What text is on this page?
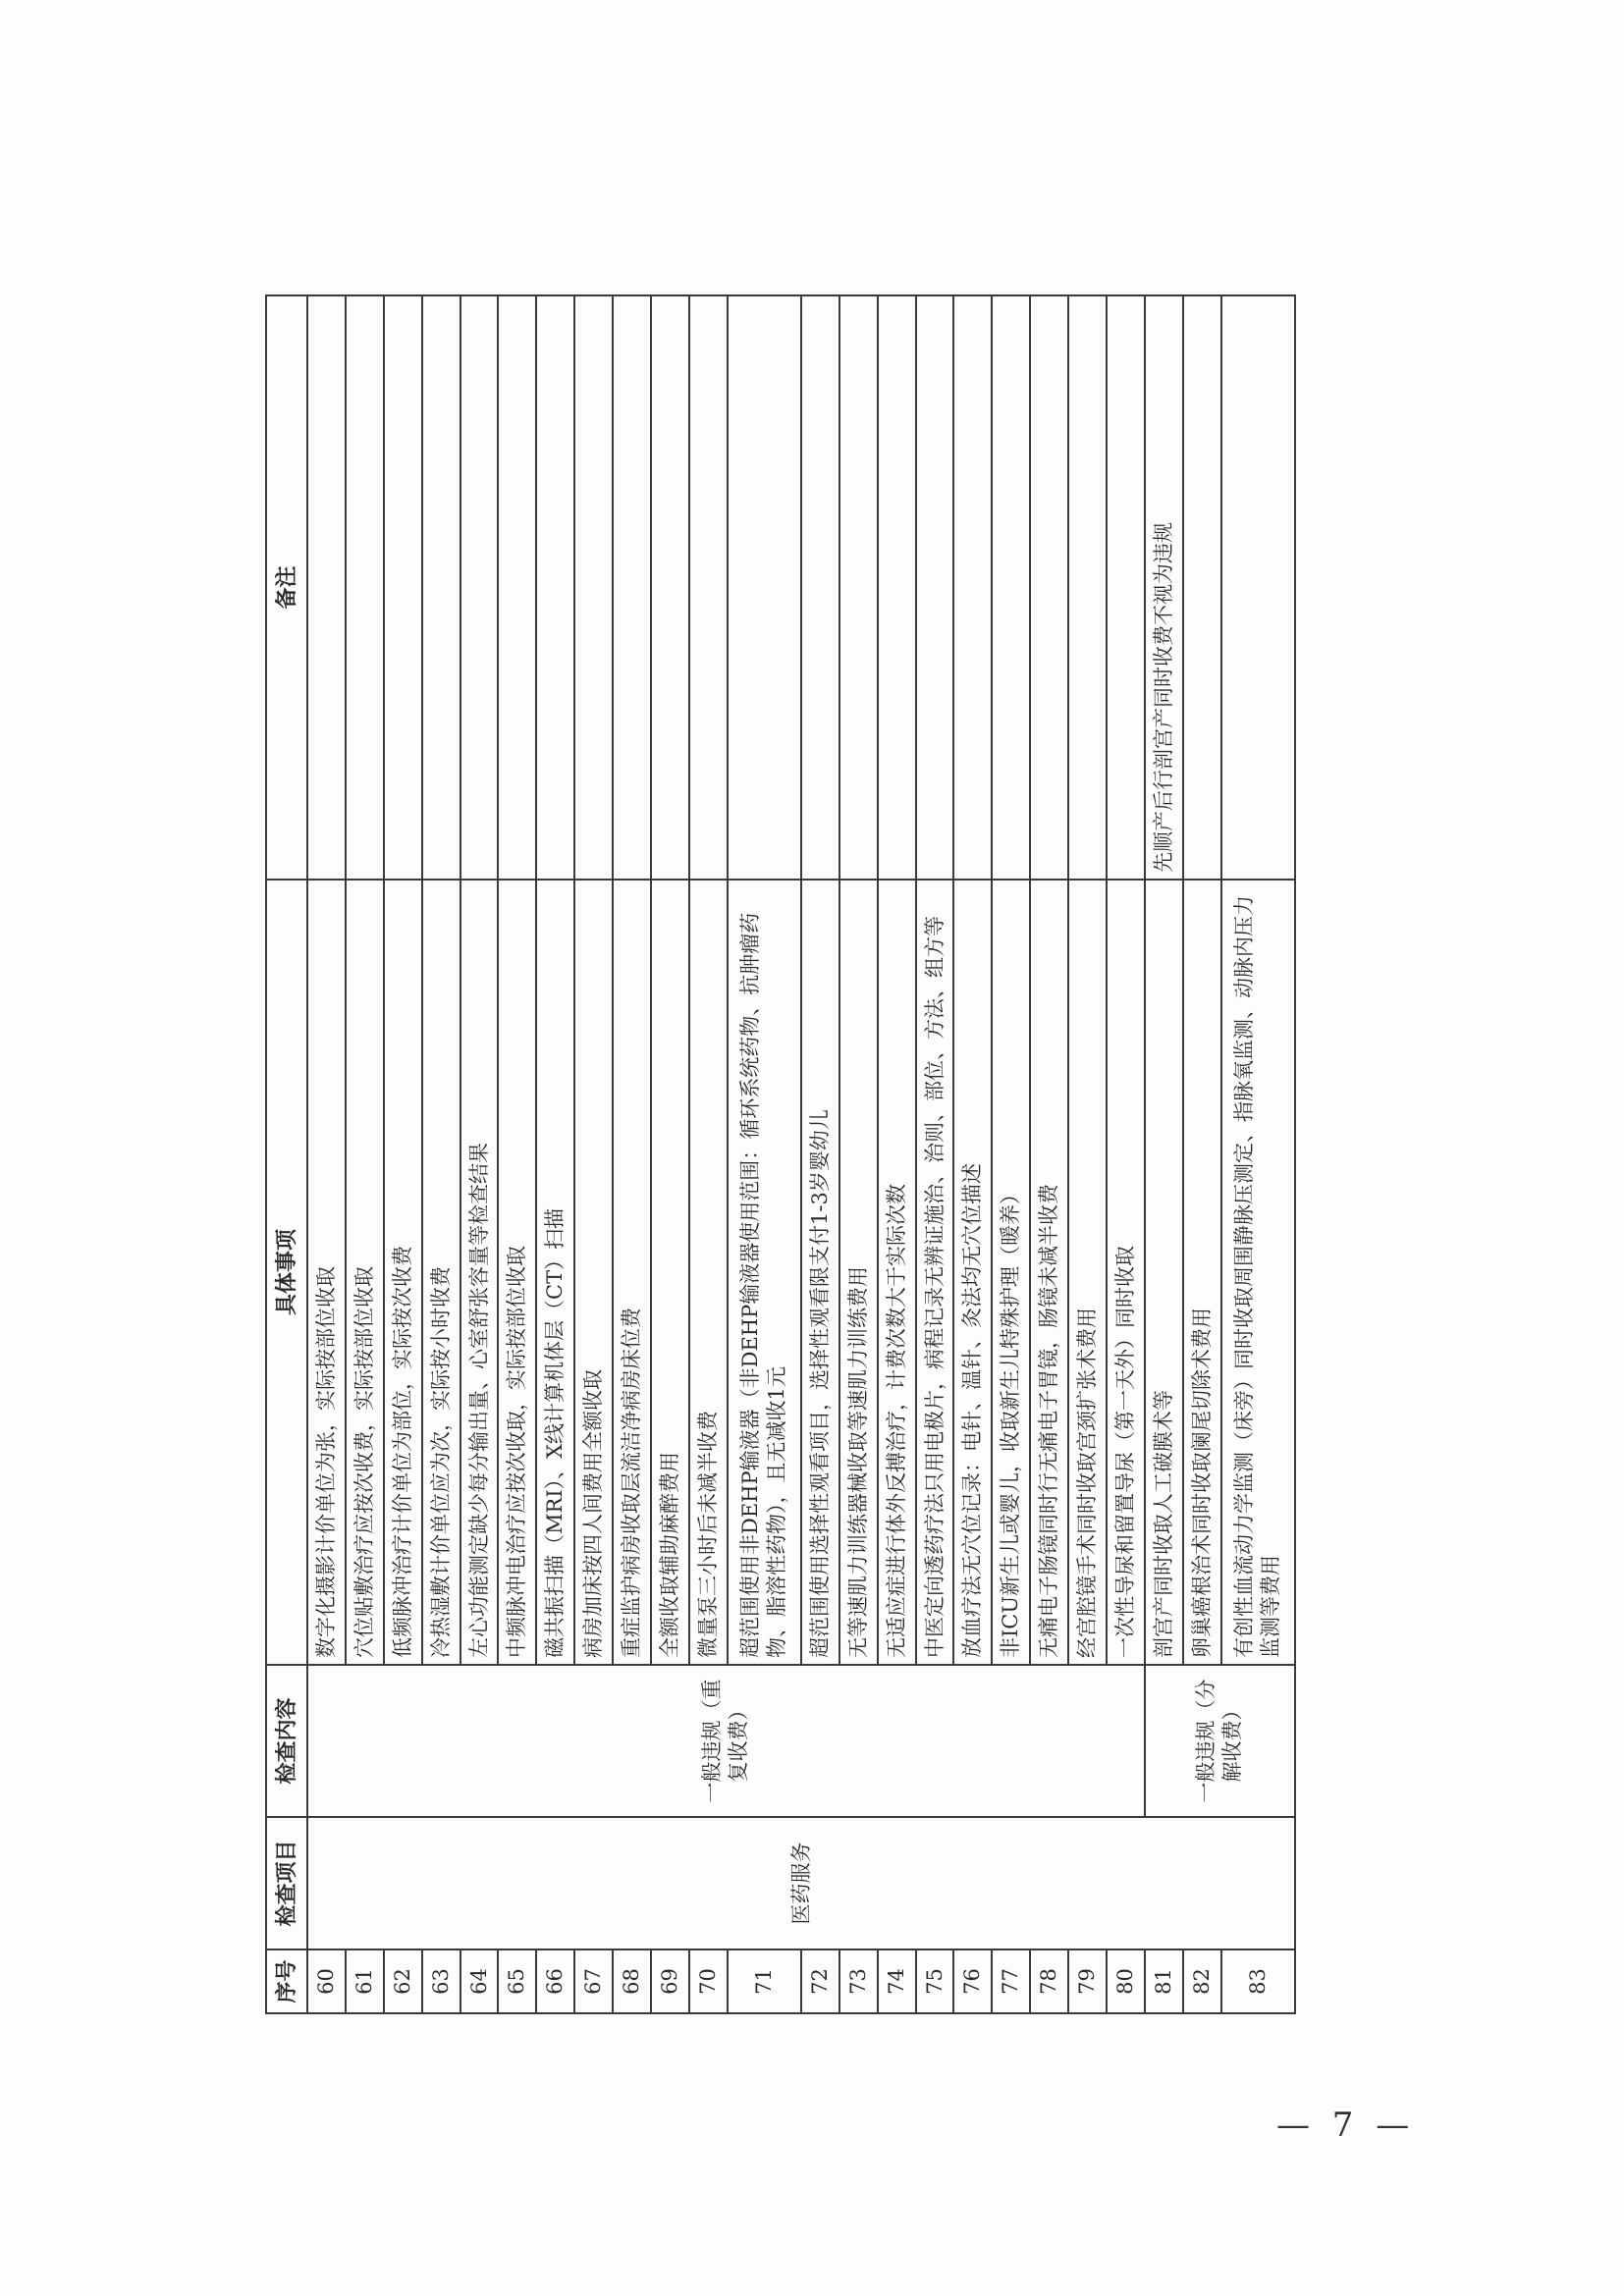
序号	检查项目	检查内容	具体事项	备注
60	医药服务	一般违规（重复收费）	数字化摄影计价单位为张，实际按部位收取	
61			穴位贴敷治疗应按次收费，实际按部位收取	
62			低频脉冲治疗计价单位为部位，实际按次收费	
63			冷热湿敷计价单位应为次，实际按小时收费	
64			左心功能测定缺少每分输出量、心室舒张容量等检查结果	
65			中频脉冲电治疗应按次收取，实际按部位收取	
66			磁共振扫描（MRI）、X线计算机体层（CT）扫描	
67			病房加床按四人间费用全额收取	
68			重症监护病房收取层流洁净病房床位费	
69			全额收取辅助麻醉费用	
70			微量泵三小时后未减半收费	
71			超范围使用非DEHP输液器（非DEHP输液器使用范围：循环系统药物、抗肿瘤药物、脂溶性药物），且无减收1元	
72			超范围使用选择性观看项目，选择性观看限支付1-3岁婴幼儿	
73			无等速肌力训练器械收取等速肌力训练费用	
74			无适应症进行体外反搏治疗，计费次数大于实际次数	
75			中医定向透药疗法只用电极片，病程记录无辨证施治、治则、部位、方法、组方等	
76			放血疗法无穴位记录：电针、温针、灸法均无穴位描述	
77			非ICU新生儿或婴儿，收取新生儿特殊护理（暖养）	
78			无痛电子肠镜同时行无痛电子胃镜，肠镜未减半收费	
79			经宫腔镜手术同时收取宫颈扩张术费用	
80			一次性导尿和留置导尿（第一天外）同时收取	
81		一般违规（分解收费）	剖宫产同时收取人工破膜术等	先顺产后行剖宫产同时收费不视为违规
82			卵巢癌根治术同时收取阑尾切除术费用	
83			有创性血流动力学监测（床旁）同时收取周围静脉压测定、指脉氧监测、动脉内压力监测等费用	
— 7 —
